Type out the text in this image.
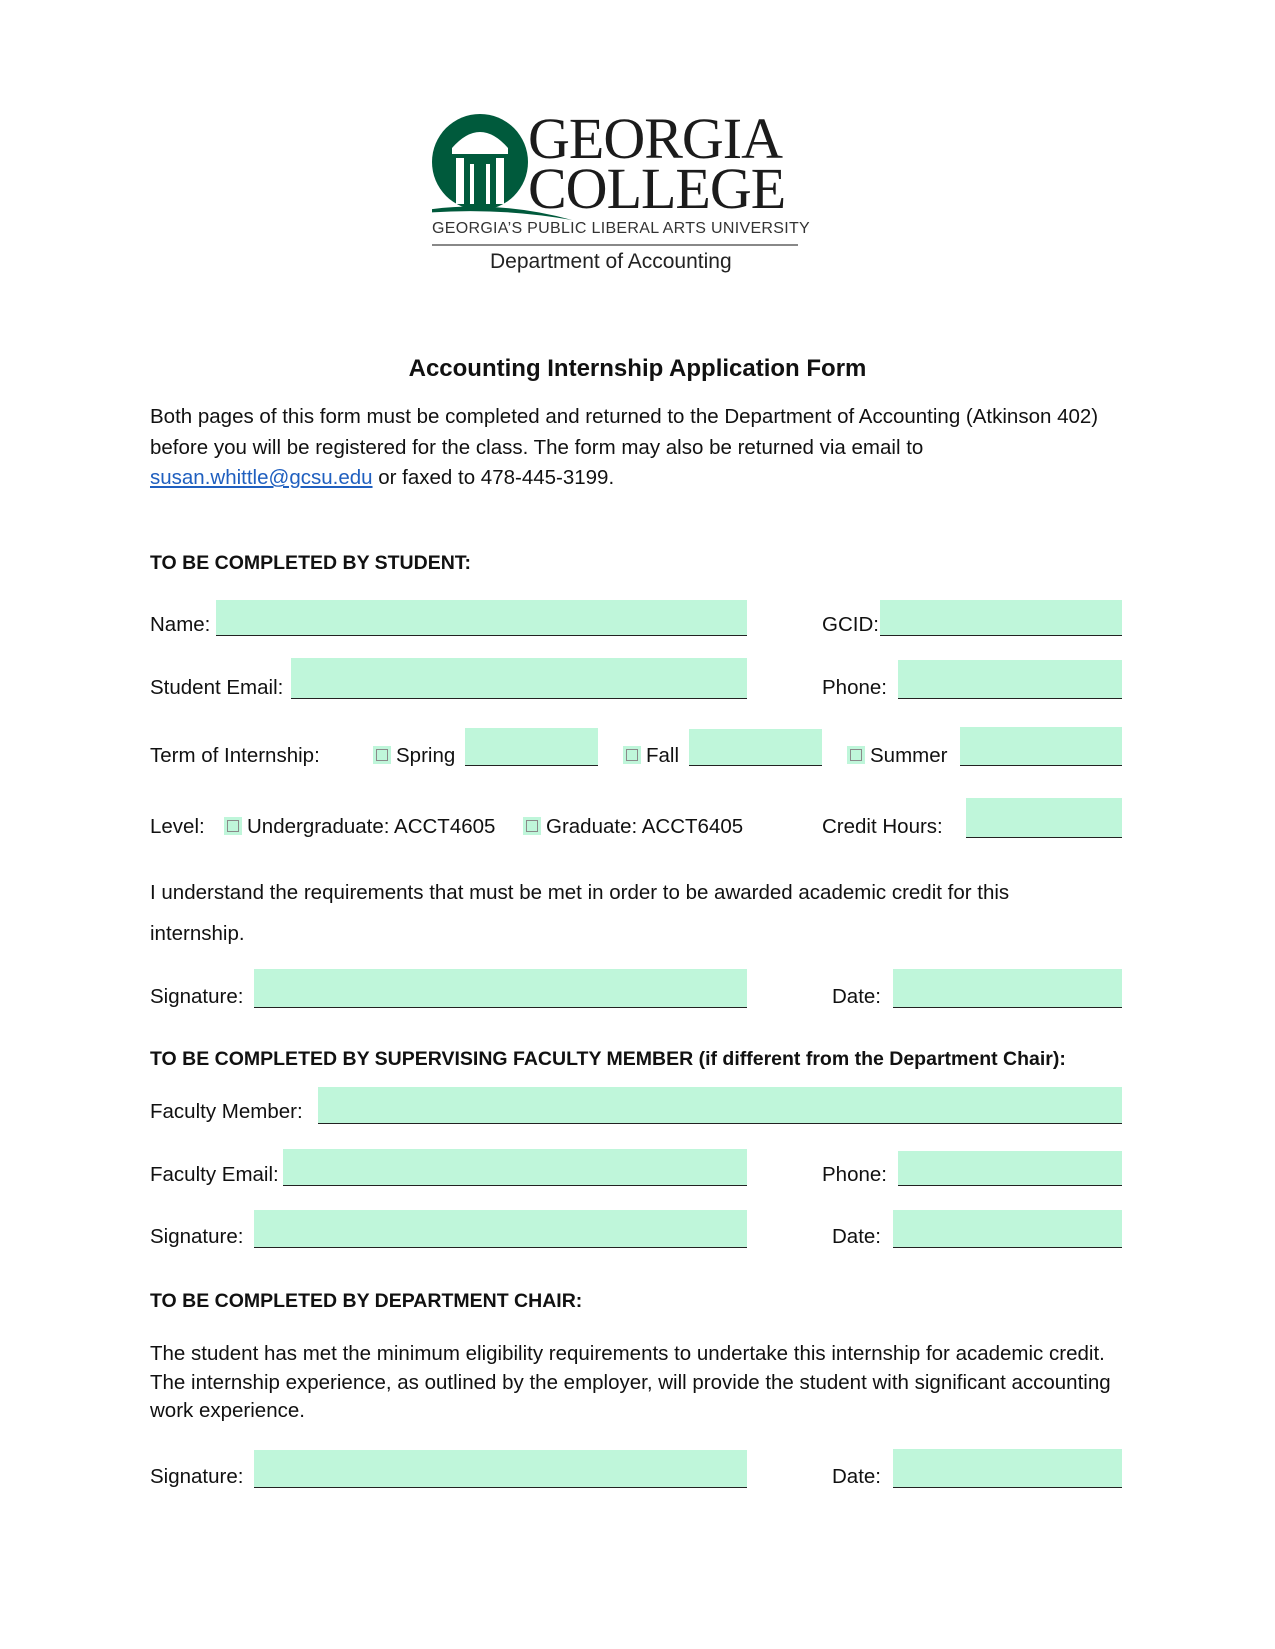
GEORGIA
COLLEGE
GEORGIA’S PUBLIC LIBERAL ARTS UNIVERSITY
Department of Accounting
Accounting Internship Application Form
Both pages of this form must be completed and returned to the Department of Accounting (Atkinson 402) before you will be registered for the class. The form may also be returned via email to susan.whittle@gcsu.edu or faxed to 478-445-3199.
TO BE COMPLETED BY STUDENT:
Name:	GCID:
Student Email:	Phone:
Term of Internship:	Spring	Fall	Summer
Level: Undergraduate: ACCT4605 Graduate: ACCT6405	Credit Hours:
I understand the requirements that must be met in order to be awarded academic credit for this
internship.
Signature:	Date:
TO BE COMPLETED BY SUPERVISING FACULTY MEMBER (if different from the Department Chair):
Faculty Member:
Faculty Email:	Phone:
Signature:	Date:
TO BE COMPLETED BY DEPARTMENT CHAIR:
The student has met the minimum eligibility requirements to undertake this internship for academic credit. The internship experience, as outlined by the employer, will provide the student with significant accounting work experience.
Signature:	Date:
